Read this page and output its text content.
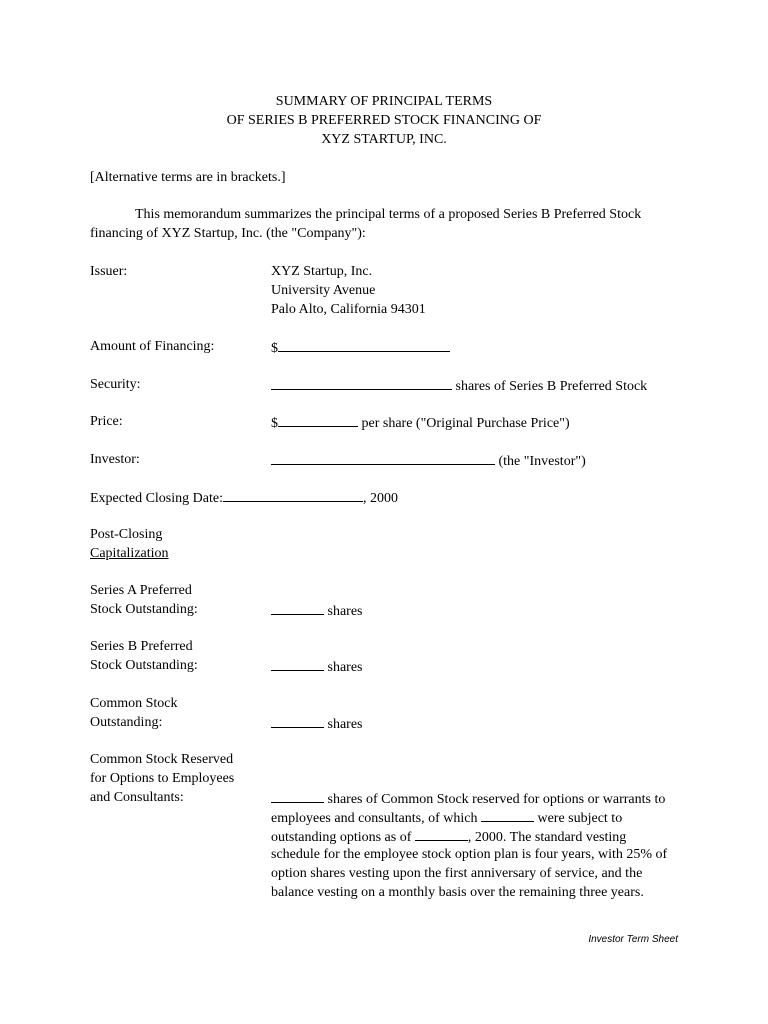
SUMMARY OF PRINCIPAL TERMS
OF SERIES B PREFERRED STOCK FINANCING OF
XYZ STARTUP, INC.
[Alternative terms are in brackets.]
This memorandum summarizes the principal terms of a proposed Series B Preferred Stock
financing of XYZ Startup, Inc. (the "Company"):
Issuer:	XYZ Startup, Inc.
University Avenue
Palo Alto, California 94301
Amount of Financing:	$
Security:	shares of Series B Preferred Stock
Price:	$	per share ("Original Purchase Price")
Investor:	(the "Investor")
Expected Closing Date:	, 2000
Post-Closing
Capitalization
Series A Preferred
Stock Outstanding:	shares
Series B Preferred
Stock Outstanding:	shares
Common Stock
Outstanding:	shares
Common Stock Reserved
for Options to Employees
and Consultants:	shares of Common Stock reserved for options or warrants to
employees and consultants, of which	were subject to
outstanding options as of	, 2000. The standard vesting
schedule for the employee stock option plan is four years, with 25% of
option shares vesting upon the first anniversary of service, and the
balance vesting on a monthly basis over the remaining three years.
Investor Term Sheet
